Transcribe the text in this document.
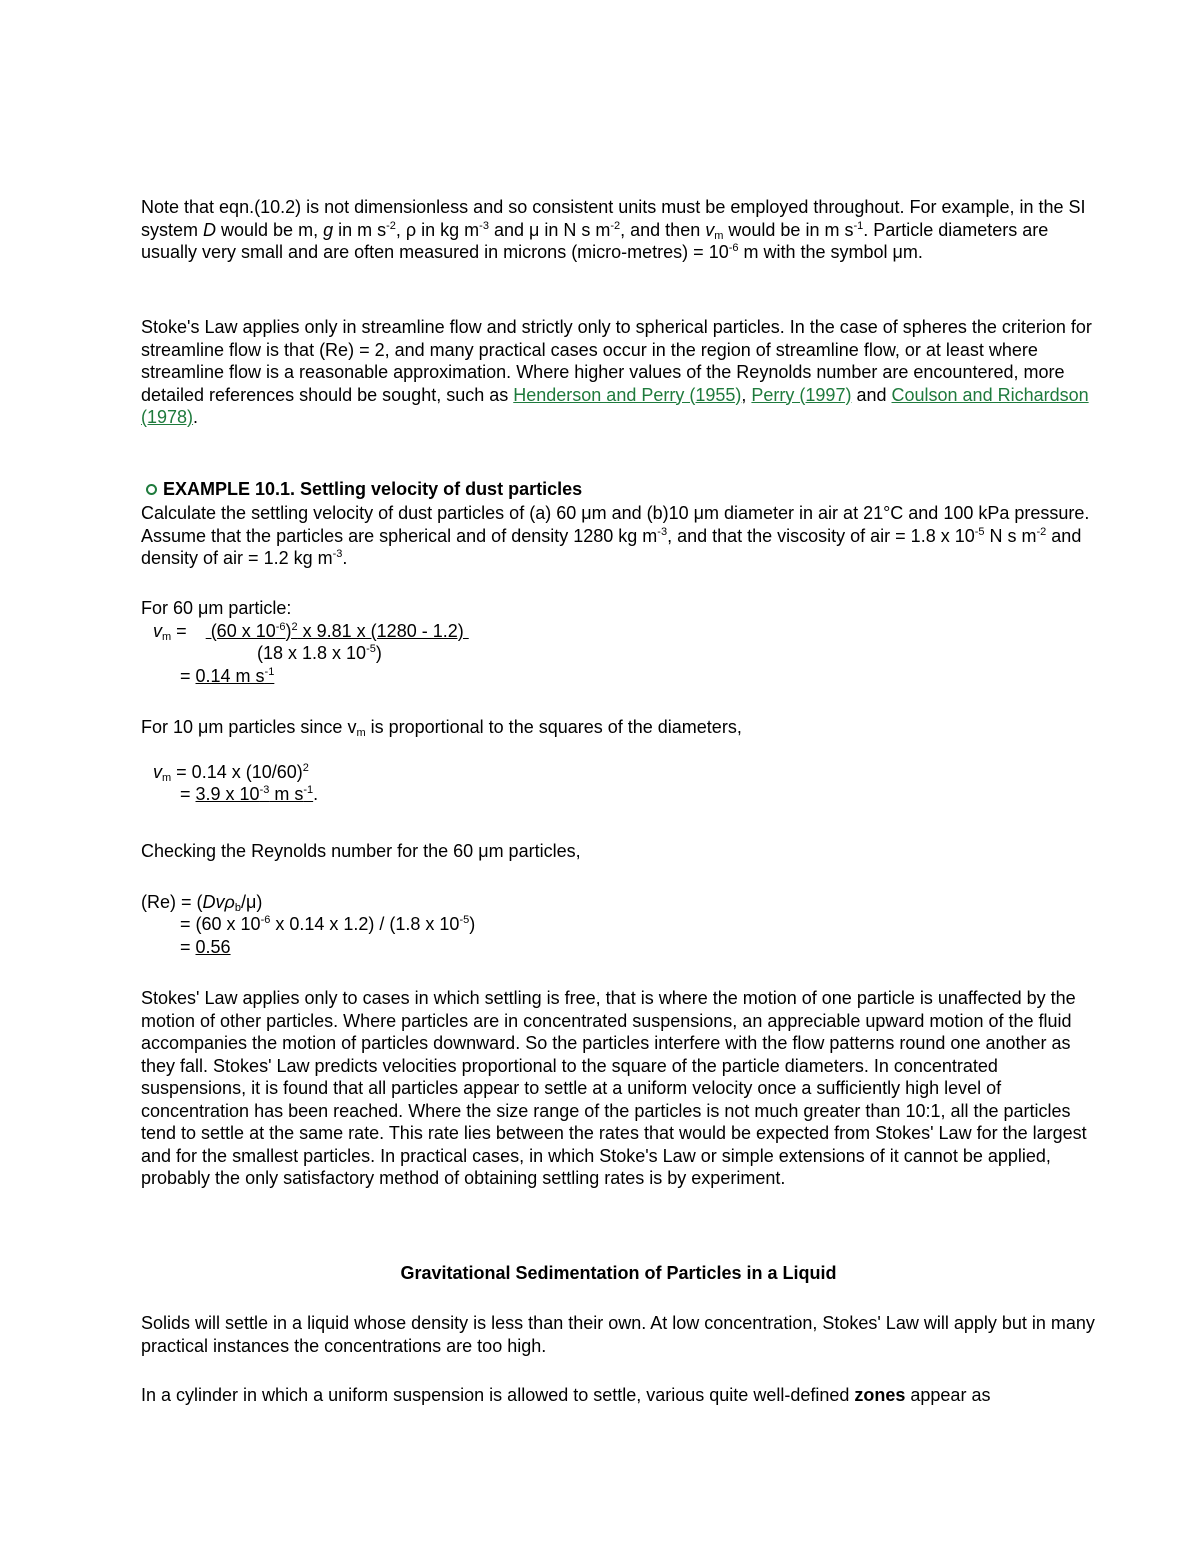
Note that eqn.(10.2) is not dimensionless and so consistent units must be employed throughout. For example, in the SI system D would be m, g in m $s^{-2}$, ρ in kg $m^{-3}$ and μ in N s $m^{-2}$, and then $v_m$ would be in m $s^{-1}$. Particle diameters are usually very small and are often measured in microns (micro-metres) = $10^{-6}$ m with the symbol μm.

Stoke's Law applies only in streamline flow and strictly only to spherical particles. In the case of spheres the criterion for streamline flow is that (Re) = 2, and many practical cases occur in the region of streamline flow, or at least where streamline flow is a reasonable approximation. Where higher values of the Reynolds number are encountered, more detailed references should be sought, such as Henderson and Perry (1955), Perry (1997) and Coulson and Richardson (1978).

EXAMPLE 10.1. Settling velocity of dust particles

Calculate the settling velocity of dust particles of (a) 60 μm and (b)10 μm diameter in air at 21°C and 100 kPa pressure. Assume that the particles are spherical and of density 1280 kg $m^{-3}$, and that the viscosity of air = 1.8 x $10^{-5}$ N s $m^{-2}$ and density of air = 1.2 kg $m^{-3}$.

For 60 μm particle:

$v_m = (60$ x $10^{-6})^2$ x 9.81 x (1280 - 1.2)

(18 x 1.8 x $10^{-5}$)

= 0.14 m $s^{-1}$

For 10 μm particles since $v_m$ is proportional to the squares of the diameters,

$v_m = 0.14$ x $(10/60)^2$

= 3.9 x $10^{-3}$ m $s^{-1}$.

Checking the Reynolds number for the 60 μm particles,

(Re) = (Dvρ$_b$/μ)

= (60 x $10^{-6}$ x 0.14 x 1.2) / (1.8 x $10^{-5}$)

= 0.56

Stokes' Law applies only to cases in which settling is free, that is where the motion of one particle is unaffected by the motion of other particles. Where particles are in concentrated suspensions, an appreciable upward motion of the fluid accompanies the motion of particles downward. So the particles interfere with the flow patterns round one another as they fall. Stokes' Law predicts velocities proportional to the square of the particle diameters. In concentrated suspensions, it is found that all particles appear to settle at a uniform velocity once a sufficiently high level of concentration has been reached. Where the size range of the particles is not much greater than 10:1, all the particles tend to settle at the same rate. This rate lies between the rates that would be expected from Stokes' Law for the largest and for the smallest particles. In practical cases, in which Stoke's Law or simple extensions of it cannot be applied, probably the only satisfactory method of obtaining settling rates is by experiment.

Gravitational Sedimentation of Particles in a Liquid

Solids will settle in a liquid whose density is less than their own. At low concentration, Stokes' Law will apply but in many practical instances the concentrations are too high.

In a cylinder in which a uniform suspension is allowed to settle, various quite well-defined zones appear as
